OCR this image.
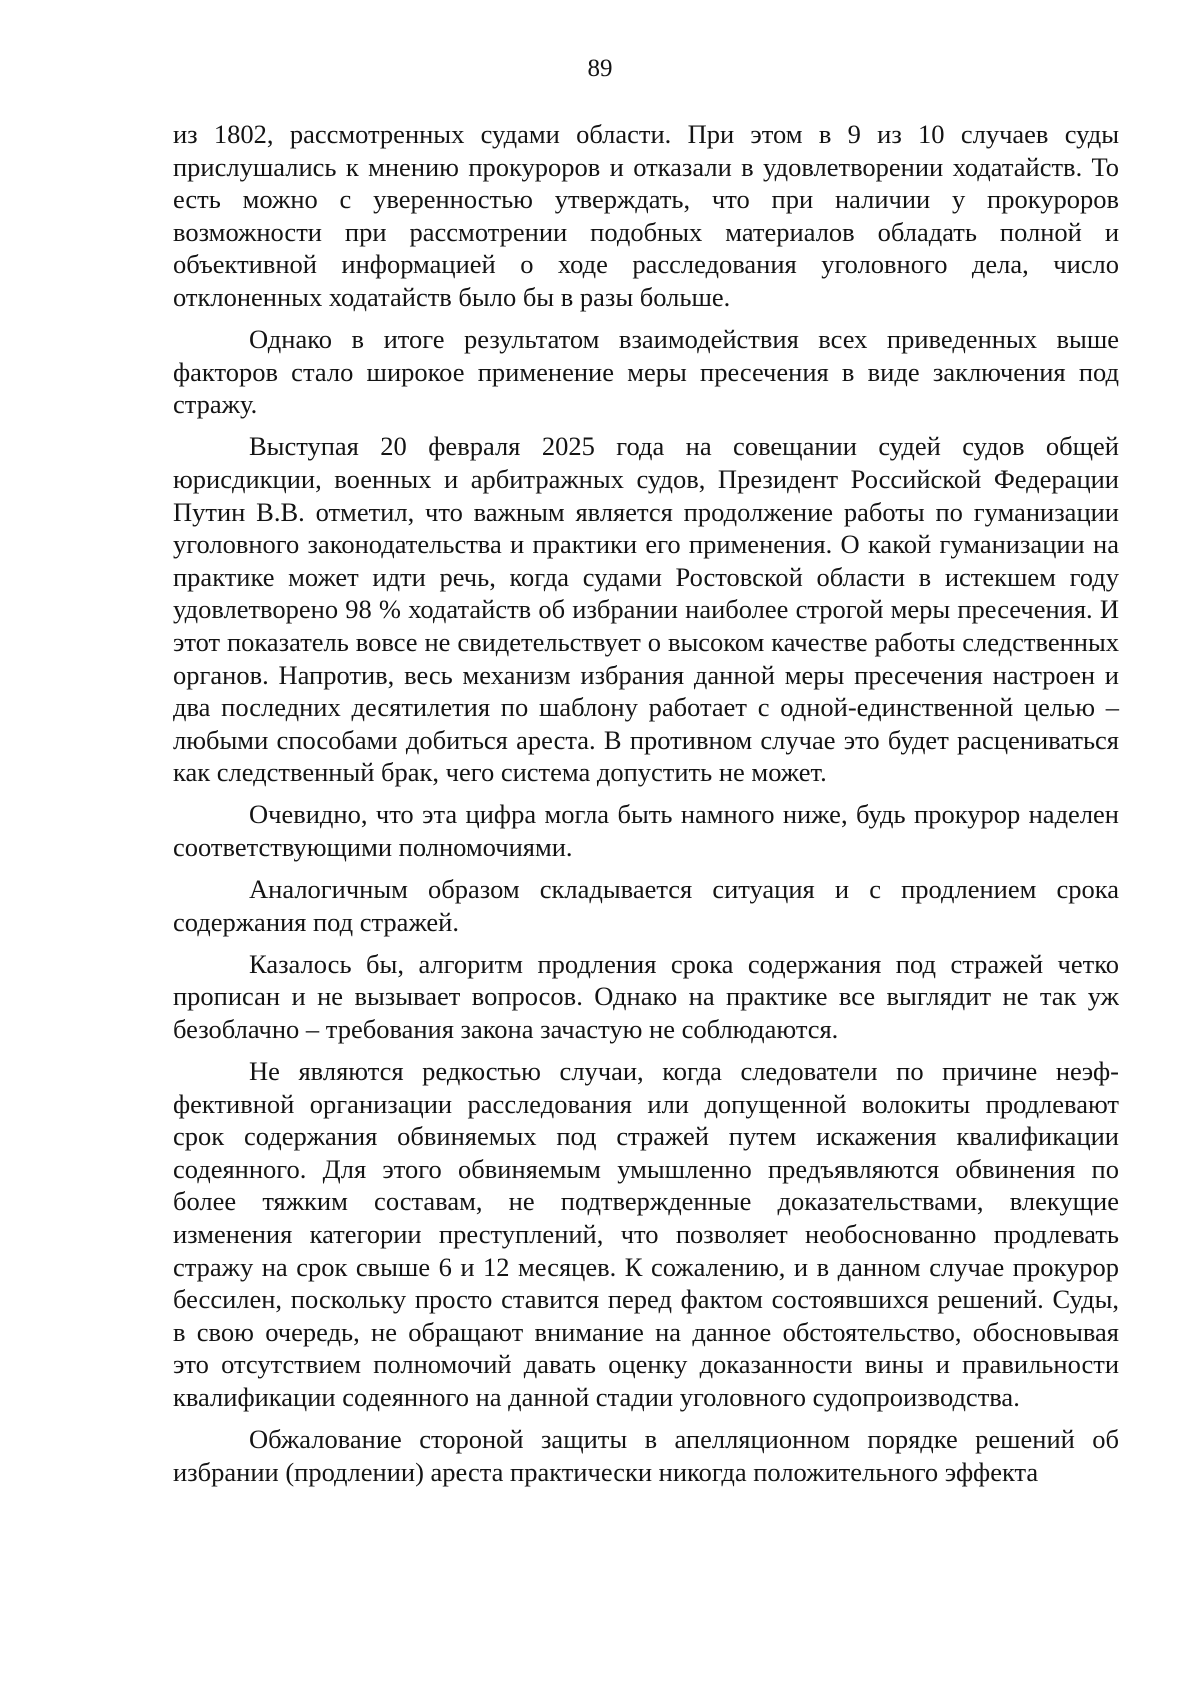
89

из 1802, рассмотренных судами области. При этом в 9 из 10 случаев суды прислушались к мнению прокуроров и отказали в удовлетворении ходатайств. То есть можно с уверенностью утверждать, что при наличии у прокуроров возможности при рассмотрении подобных материалов обладать полной и объективной информацией о ходе расследования уголовного дела, число отклоненных ходатайств было бы в разы больше.

Однако в итоге результатом взаимодействия всех приведенных выше факторов стало широкое применение меры пресечения в виде заключения под стражу.

Выступая 20 февраля 2025 года на совещании судей судов общей юрисдикции, военных и арбитражных судов, Президент Российской Федерации Путин В.В. отметил, что важным является продолжение работы по гуманизации уголовного законодательства и практики его применения. О какой гуманизации на практике может идти речь, когда судами Ростовской области в истекшем году удовлетворено 98 % ходатайств об избрании наиболее строгой меры пресечения. И этот показатель вовсе не свидетельствует о высоком качестве работы следственных органов. Напротив, весь механизм избрания данной меры пресечения настроен и два последних десятилетия по шаблону работает с одной-единственной целью – любыми способами добиться ареста. В противном случае это будет расцениваться как следственный брак, чего система допустить не может.

Очевидно, что эта цифра могла быть намного ниже, будь прокурор наделен соответствующими полномочиями.

Аналогичным образом складывается ситуация и с продлением срока содержания под стражей.

Казалось бы, алгоритм продления срока содержания под стражей четко прописан и не вызывает вопросов. Однако на практике все выглядит не так уж безоблачно – требования закона зачастую не соблюдаются.

Не являются редкостью случаи, когда следователи по причине неэффективной организации расследования или допущенной волокиты продлевают срок содержания обвиняемых под стражей путем искажения квалификации содеянного. Для этого обвиняемым умышленно предъявляются обвинения по более тяжким составам, не подтвержденные доказательствами, влекущие изменения категории преступлений, что позволяет необоснованно продлевать стражу на срок свыше 6 и 12 месяцев. К сожалению, и в данном случае прокурор бессилен, поскольку просто ставится перед фактом состоявшихся решений. Суды, в свою очередь, не обращают внимание на данное обстоятельство, обосновывая это отсутствием полномочий давать оценку доказанности вины и правильности квалификации содеянного на данной стадии уголовного судопроизводства.

Обжалование стороной защиты в апелляционном порядке решений об избрании (продлении) ареста практически никогда положительного эффекта
